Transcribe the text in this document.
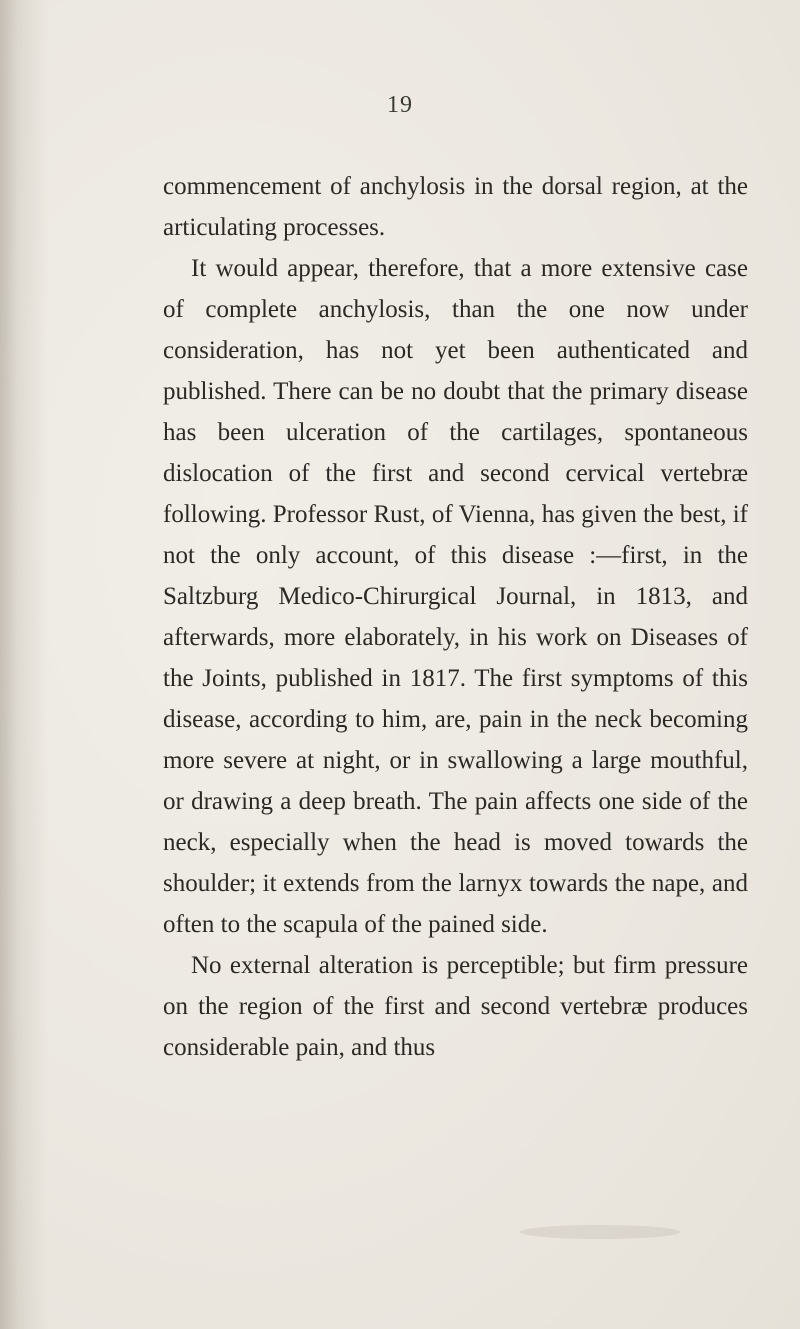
19

commencement of anchylosis in the dorsal region, at the articulating processes.

It would appear, therefore, that a more extensive case of complete anchylosis, than the one now under consideration, has not yet been authenticated and published. There can be no doubt that the primary disease has been ulceration of the cartilages, spontaneous dislocation of the first and second cervical vertebræ following. Professor Rust, of Vienna, has given the best, if not the only account, of this disease :—first, in the Saltzburg Medico-Chirurgical Journal, in 1813, and afterwards, more elaborately, in his work on Diseases of the Joints, published in 1817. The first symptoms of this disease, according to him, are, pain in the neck becoming more severe at night, or in swallowing a large mouthful, or drawing a deep breath. The pain affects one side of the neck, especially when the head is moved towards the shoulder; it extends from the larnyx towards the nape, and often to the scapula of the pained side.

No external alteration is perceptible; but firm pressure on the region of the first and second vertebræ produces considerable pain, and thus
